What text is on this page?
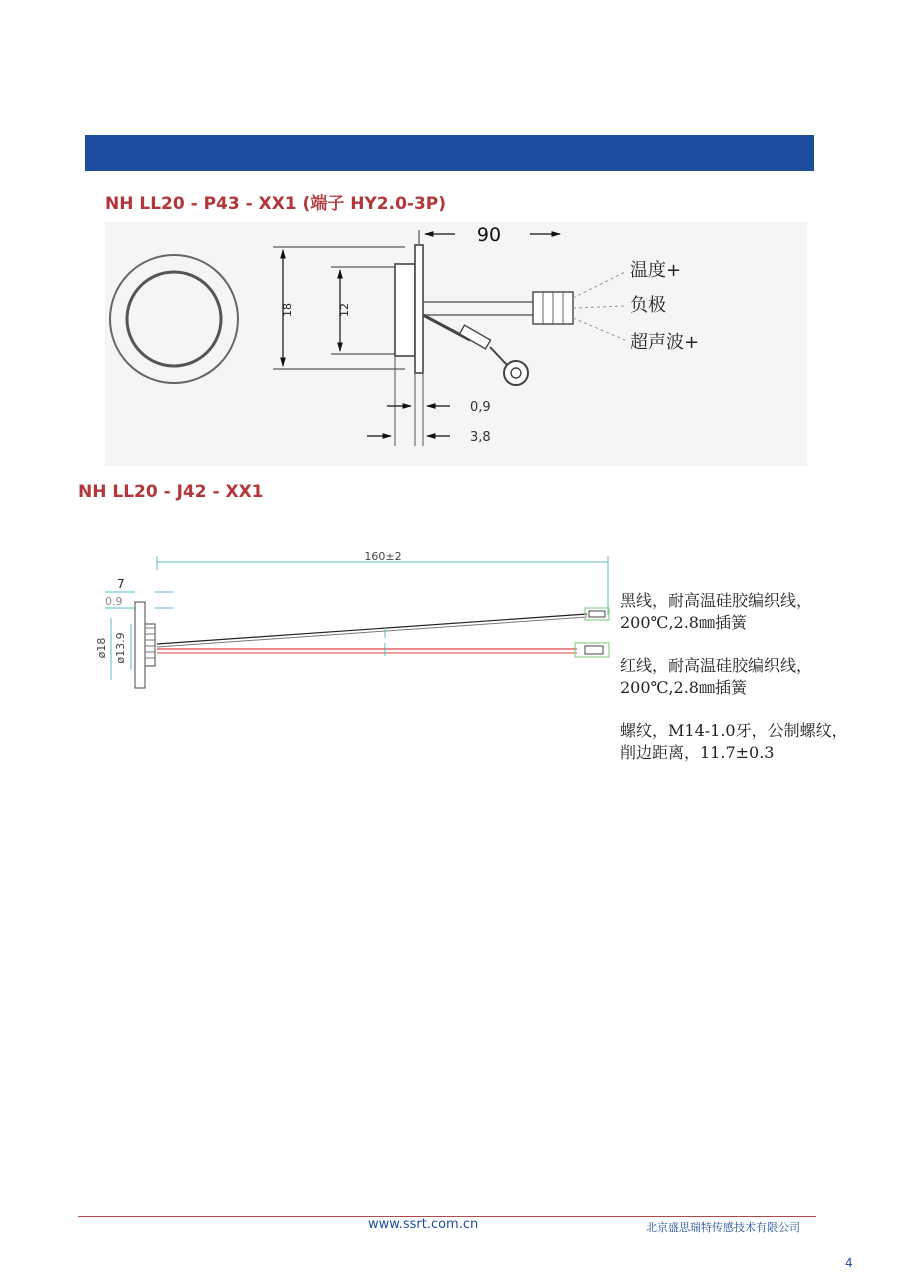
NH LL20 - P43 - XX1 (端子 HY2.0-3P)
18	12
90
温度+
负极
超声波+
0,9
3,8
NH LL20 - J42 - XX1
160±2
7
0.9
ø18 ø13.9
黑线，耐高温硅胶编织线，
200℃,2.8㎜插簧
红线，耐高温硅胶编织线，
200℃,2.8㎜插簧
螺纹，M14-1.0牙，公制螺纹，
削边距离，11.7±0.3
www.ssrt.com.cn	北京盛思瑞特传感技术有限公司
4
